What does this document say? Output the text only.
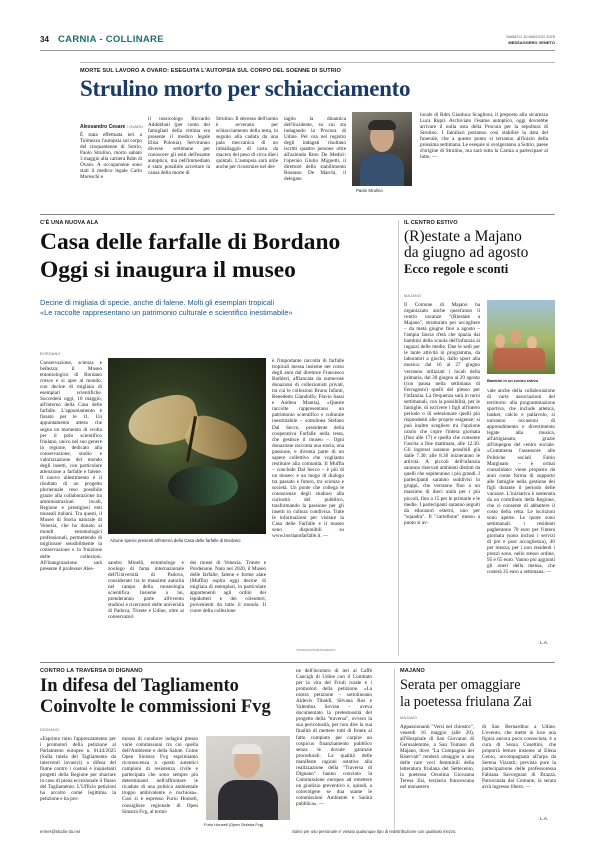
34 CARNIA - COLLINARE	SABATO 10 MAGGIO 2025
MESSAGGERO VENETO
MORTE SUL LAVORO A OVARO: ESEGUITA L'AUTOPSIA SUL CORPO DEL SOENNE DI SUTRIO
Strulino morto per schiacciamento
Alessandro Cesare / OVARO
È stata effettuata ieri a Tolmezzo l'autopsia sul corpo del cinquantenne di Sutrio, Paolo Strulino, morto sabato 3 maggio alla cartiera Rdm di Ovaro. A occuparsene sono stati il medico legale Carlo Moreschi e
il tossicologo Riccardo Addobbati (per conto dei famigliari della vittima era presente il medico legale Elisa Polonia). Serviranno diverse settimane per conoscere gli esiti dell'esame autoptico, ma nell'immediato è stato possibile accertare la causa della morte di
Strulino. Il decesso dell'uomo è avvenuto per schiacciamento della testa, in seguito alla caduta da una pala meccanica di un imballaggio di carta da macero del peso di circa dieci quintali. L'autopsia sarà utile anche per ricostruire nel det-
taglio la dinamica dell'incidente, su cui sta indagando la Procura di Udine. Per ora nel registro degli indagati risultano iscritti quattro persone oltre all'azienda Rmo De Medici: l'operaio Giulio Mignetti, il direttore dello stabilimento Rossano De Marchi, il delegato
Paolo Strulino
locale di Rdm Gianluca Scaglioni, il preposto alla sicurezza Luca Rupil. Archiviato l'esame autoptico, oggi dovrebbe arrivare il nulla osta della Procura per la sepoltura di Strulino. I familiari potranno così stabilire la data del funerale, che a questo punto si terranno all'inizio della prossima settimana. Le esequie si svolgeranno a Sutrio, paese d'origine di Strulino, ma sarà tutta la Carnia a partecipare al lutto. —
C'È UNA NUOVA ALA
Casa delle farfalle di Bordano
Oggi si inaugura il museo
Decine di migliaia di specie, anche di falene. Molti gli esemplari tropicali
«Le raccolte rappresentano un patrimonio culturale e scientifico inestimabile»
BORDANO
Conservazione, scienza e bellezza: il Museo entomologico di Bordano cresce e si apre al mondo, con decine di migliaia di esemplari scientifiche. Succederà oggi, 10 maggio, all'interno della Casa delle farfalle. L'appuntamento è fissato per le 11. Un appuntamento atteso che segna un momento di svolta per il polo scientifico friulano, unico nel suo genere in regione, dedicato alla conservazione, studio e valorizzazione del mondo degli insetti, con particolare attenzione a farfalle e falene. Il nuovo allestimento è il risultato di un progetto pluriennale reso possibile grazie alla collaborazione tra amministrazioni locali, Regione e prestigiosi enti museali italiani. Tra questi, il Museo di Storia naturale di Venezia, che ha donato ai mondi entomologici professionali, permettendo di migliorare sensibilmente la conservazione e la fruizione delle collezioni. All'inaugurazione sarà presente il professor Ales-
Alcune specie presenti all'interno della Casa delle farfalle di Bordano
sandro Minelli, entomologo e zoologo di fama internazionale dell'Università di Padova, considerato tra le massime autorità nel campo della museologia scientifica. Insieme a lui, prenderanno parte all'evento studiosi e ricercatori delle università di Padova, Trieste e Udine, oltre ai conservatori
dei musei di Venezia, Trieste e Pordenone. Nato nel 2020, il Museo delle farfalle, falene e forme alate (Muffla) ospita oggi decine di migliaia di esemplari, in particolare appartenenti agli ordini dei lepidotteri e dei coleotteri, provenienti da tutto il mondo. Il cuore della collezione
è l'importante raccolta di farfalle tropicali messa insieme nel corso degli anni dal direttore Francesco Barbieri, affiancata da numerose donazioni di collezionisti privati, tra cui le collezioni Bruno Infanti, Benedetto Giandolfo, Flavio Sassi e Andrea Mantiaj. «Queste raccolte rappresentano un patrimonio scientifico e culturale inestimabile – sottolinea Stefano Dal Secco, presidente della cooperativa Farfalle nella testa, che gestisce il museo –. Ogni donazione racconta una storia, una passione, e diventa parte di un sapere collettivo che vogliamo restituire alla comunità. Il Muffla – conclude Dal Secco – è più di un museo: è un luogo di dialogo tra passato e futuro, tra scienza e società. Un ponte che collega le conoscenze degli studiosi alla curiosità del pubblico, trasformando la passione per gli insetti in cultura condivisa. Tutte le informazioni per visitare la Casa delle Farfalle e il museo sono disponibili su www.bordanofarfalle.it. —
©RIPRODUZIONE RISERVATA
IL CENTRO ESTIVO
(R)estate a Majano
da giugno ad agosto
Ecco regole e sconti
MAJANO
Il Comune di Majano ha organizzato anche quest'anno il centro vacanze "(R)estate a Majano", strutturato per accogliere – da metà giugno fino a agosto – l'ampia fascia d'età che spazia dai bambini della scuola dell'infanzia ai ragazzi delle medie. Due le sedi per le tante attività in programma, da laboratori a giochi, dallo sport alla musica: dal 16 al 27 giugno verranno utilizzati i locali della primaria, dal 30 giugno al 29 agosto (con pausa nella settimana di Ferragosto) quelli del plesso per l'infanzia. La frequenza sarà in turni settimanali, con la possibilità, per le famiglie, di iscrivere i figli all'intero periodo o di selezionare quelli più rispondenti alle proprie esigenze; si può inoltre scegliere tra l'opzione orario che copre l'intera giornata (fino alle 17) e quella che consente l'uscita a fine mattinata, alle 12.30. Gli ingressi saranno possibili già dalle 7.30; alle 8.30 inizieranno le attività. A piccoli dell'infanzia saranno riservati ambienti distinti da quelli che ospiteranno i più grandi. I partecipanti saranno suddivisi in gruppi, che verranno fino a un massimo di dieci unità per i più piccoli, fino a 15 per le primarie e le medie. I partecipanti saranno seguiti da educatori esterni, uno per "squadra". Il "cartellone" messo a punto si av-
Bambini in un centro estivo
vale anche della collaborazione di varie associazioni del territorio: alla programmazione sportiva, che include atletica, basket, calcio e pallavolo, si uniranno occasioni di apprendimento e divertimento legate alla musica, all'artigianato, grazie all'impegno del centro sociale. «Commenta l'assessore alle Politiche sociali Fabio Marginato – è ormai consolidato: viene proposto da anni come forma di supporto alle famiglie nella gestione dei figli durante il periodo delle vacanze. L'iniziativa è sostenuta da un contributo della Regione, che ci consente di abbattere il costo della retta. Le iscrizioni sono aperte. Le quote sono settimanali: i residenti pagheranno 70 euro per l'intera giornata (sono inclusi i servizi di pre e post accoglienza), 40 per mezza; per i non residenti i prezzi sono, nello stesso ordine, 95 e 65 euro. Vanno poi aggiunti gli oneri della mensa, che costerà 35 euro a settimana. —
L.A.
CONTRO LA TRAVERSA DI DIGNANO
In difesa del Tagliamento
Coinvolte le commissioni Fvg
DIGNANO
«Esprimo tutto l'apprezzamento per i promotori della petizione al Parlamento europeo n. 0144/2025 (Sulla tutela del Tagliamento da interventi invasivi) a difesa del fiume contro i costosi e inquietanti progetti della Regione per sbarrare in caso di piena eccezionale il flusso del Tagliamento. L'Ufficio petizioni ha accolto come legittima la petizione e ha pro-
mosso di condurre indagini presso varie commissioni tra cui quella dell'Ambiente e della Salute. Come Open Sinistra Fvg esprimiamo riconoscenza a questi autentici campioni di resistenza civile e partecipata che sono sempre più determinanti nell'affrontare le ricadute di una politica ambientale troppo ambivalente e rischiosa». Così si è espresso Furio Honsell, consigliere regionale di Open Sinistra Fvg, al termi-
Furio Honsell (Open Sinistra Fvg)
ne dell'incontro di ieri al Caffè Caucigh di Udine con il Comitato per la vita del Friuli rurale e i promotori della petizione. «La nostra petizione – sottolineano Aldevis Tibaldi, Silvana Ros e Valentina Sovran – aveva documentato la pretestuosità del progetto della "traversa", ovvero la sua pericolosità, per non dire la sua finalità di mettere tutti di fronte al fatto compiuto per carpire un cospicuo finanziamento pubblico senza le dovute garanzie procedurali. La qualità delle manifeste ragioni ostative alla realizzazione della "Traversa di Dignano" hanno convinto la Commissione europea ad emettere un giudizio preventivo e, quindi, a coinvolgere se dua stante le commissioni Ambiente e Sanità pubblica». —
MAJANO
Serata per omaggiare
la poetessa friulana Zai
MAJANO
Appassionanti "Versi nel chiostro", venerdì 16 maggio (alle 20), all'Hospitale di San Giovanni di Gerusalemme, a San Tomaso di Majano, dove "La Compagnia dei Riservati" renderà omaggio a una delle rare voci femminili della letteratura friulana del Settecento, la poetessa Orsolina Giovanna Teresa Zai, terziaria francescana nel monastero
di San Bernardino a Udine. L'evento, che mette in luce una figura ancora poco conosciuta, è a cura di Sonia Cosettini, che proporrà letture insieme al Elena Genio, accompagnata all'arpa da Serena Vizzutti; prevista pure la partecipazione delle professoressa Fabiana Savorgnani di Brazzà. Patrocinata dal Comune, la serata avrà ingresso libero. —
L.A.
ermes@studio-3a.net	Salvo per uso personale e' vietato qualunque tipo di redistribuzione con qualsiasi mezzo.
